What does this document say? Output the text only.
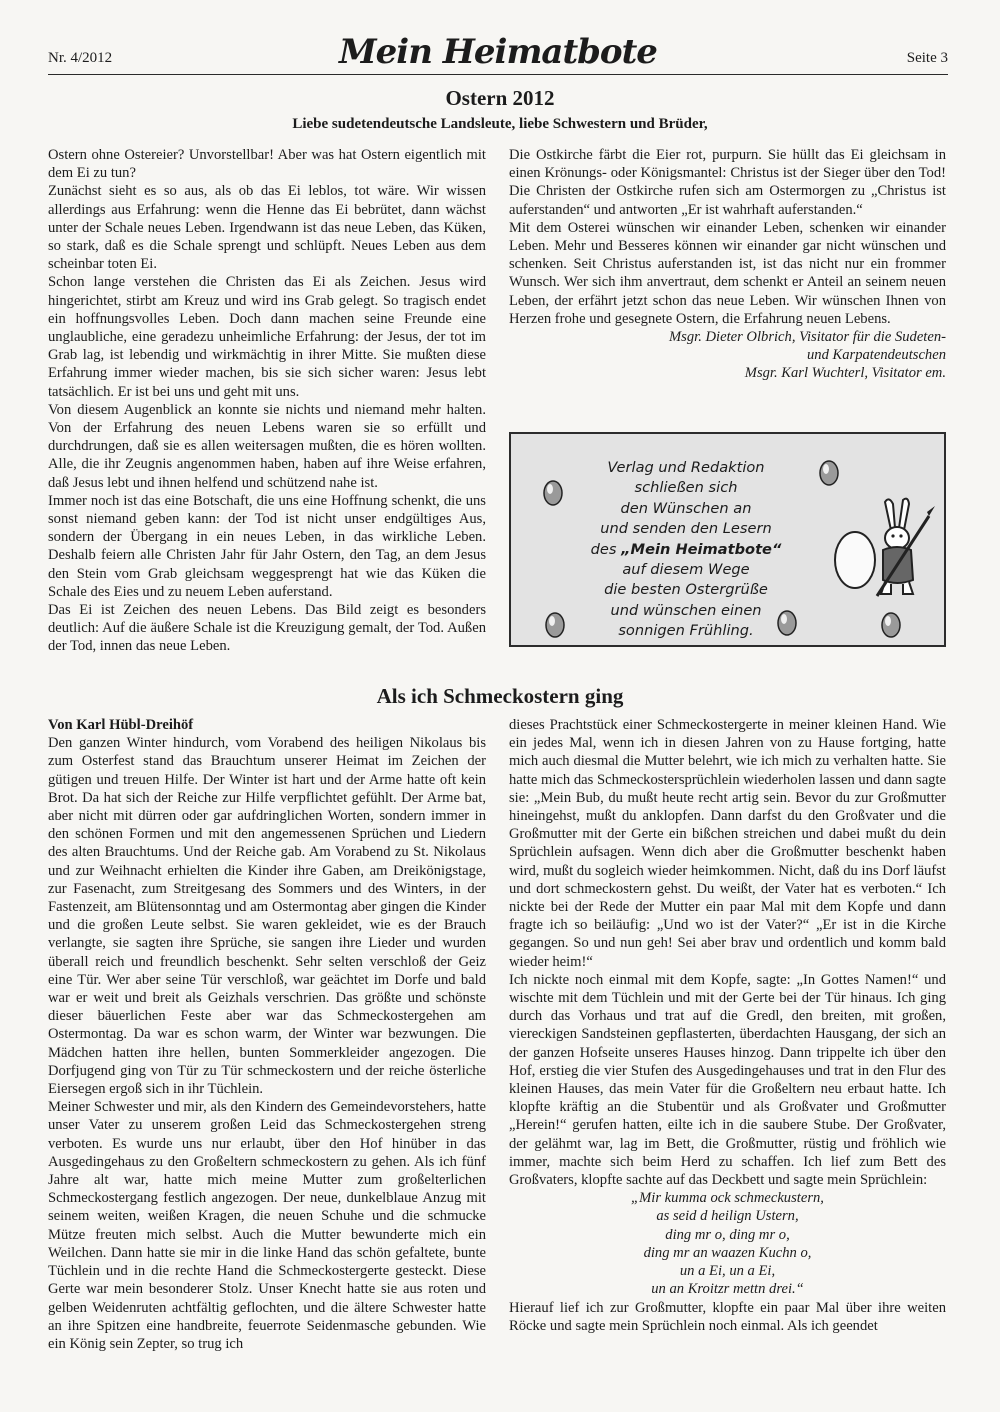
Nr. 4/2012	Mein Heimatbote	Seite 3
Ostern 2012
Liebe sudetendeutsche Landsleute, liebe Schwestern und Brüder,

Ostern ohne Ostereier? Unvorstellbar! Aber was hat Ostern eigentlich mit dem Ei zu tun?

Zunächst sieht es so aus, als ob das Ei leblos, tot wäre. Wir wissen allerdings aus Erfahrung: wenn die Henne das Ei bebrütet, dann wächst unter der Schale neues Leben. Irgendwann ist das neue Leben, das Küken, so stark, daß es die Schale sprengt und schlüpft. Neues Leben aus dem scheinbar toten Ei.

Schon lange verstehen die Christen das Ei als Zeichen. Jesus wird hingerichtet, stirbt am Kreuz und wird ins Grab gelegt. So tragisch endet ein hoffnungsvolles Leben. Doch dann machen seine Freunde eine unglaubliche, eine geradezu unheimliche Erfahrung: der Jesus, der tot im Grab lag, ist lebendig und wirkmächtig in ihrer Mitte. Sie mußten diese Erfahrung immer wieder machen, bis sie sich sicher waren: Jesus lebt tatsächlich. Er ist bei uns und geht mit uns.

Von diesem Augenblick an konnte sie nichts und niemand mehr halten. Von der Erfahrung des neuen Lebens waren sie so erfüllt und durchdrungen, daß sie es allen weitersagen mußten, die es hören wollten. Alle, die ihr Zeugnis angenommen haben, haben auf ihre Weise erfahren, daß Jesus lebt und ihnen helfend und schützend nahe ist.

Immer noch ist das eine Botschaft, die uns eine Hoffnung schenkt, die uns sonst niemand geben kann: der Tod ist nicht unser endgültiges Aus, sondern der Übergang in ein neues Leben, in das wirkliche Leben. Deshalb feiern alle Christen Jahr für Jahr Ostern, den Tag, an dem Jesus den Stein vom Grab gleichsam weggesprengt hat wie das Küken die Schale des Eies und zu neuem Leben auferstand.

Das Ei ist Zeichen des neuen Lebens. Das Bild zeigt es besonders deutlich: Auf die äußere Schale ist die Kreuzigung gemalt, der Tod. Außen der Tod, innen das neue Leben.

Die Ostkirche färbt die Eier rot, purpurn. Sie hüllt das Ei gleichsam in einen Krönungs- oder Königsmantel: Christus ist der Sieger über den Tod! Die Christen der Ostkirche rufen sich am Ostermorgen zu „Christus ist auferstanden“ und antworten „Er ist wahrhaft auferstanden.“

Mit dem Osterei wünschen wir einander Leben, schenken wir einander Leben. Mehr und Besseres können wir einander gar nicht wünschen und schenken. Seit Christus auferstanden ist, ist das nicht nur ein frommer Wunsch. Wer sich ihm anvertraut, dem schenkt er Anteil an seinem neuen Leben, der erfährt jetzt schon das neue Leben. Wir wünschen Ihnen von Herzen frohe und gesegnete Ostern, die Erfahrung neuen Lebens.

Msgr. Dieter Olbrich, Visitator für die Sudeten-

und Karpatendeutschen

Msgr. Karl Wuchterl, Visitator em.

Verlag und Redaktion
schließen sich
den Wünschen an
und senden den Lesern
des „Mein Heimatbote“
auf diesem Wege
die besten Ostergrüße
und wünschen einen
sonnigen Frühling.
Als ich Schmeckostern ging

Von Karl Hübl-Dreihöf

Den ganzen Winter hindurch, vom Vorabend des heiligen Nikolaus bis zum Osterfest stand das Brauchtum unserer Heimat im Zeichen der gütigen und treuen Hilfe. Der Winter ist hart und der Arme hatte oft kein Brot. Da hat sich der Reiche zur Hilfe verpflichtet gefühlt. Der Arme bat, aber nicht mit dürren oder gar aufdringlichen Worten, sondern immer in den schönen Formen und mit den angemessenen Sprüchen und Liedern des alten Brauchtums. Und der Reiche gab. Am Vorabend zu St. Nikolaus und zur Weihnacht erhielten die Kinder ihre Gaben, am Dreikönigstage, zur Fasenacht, zum Streitgesang des Sommers und des Winters, in der Fastenzeit, am Blütensonntag und am Ostermontag aber gingen die Kinder und die großen Leute selbst. Sie waren gekleidet, wie es der Brauch verlangte, sie sagten ihre Sprüche, sie sangen ihre Lieder und wurden überall reich und freundlich beschenkt. Sehr selten verschloß der Geiz eine Tür. Wer aber seine Tür verschloß, war geächtet im Dorfe und bald war er weit und breit als Geizhals verschrien. Das größte und schönste dieser bäuerlichen Feste aber war das Schmeckostergehen am Ostermontag. Da war es schon warm, der Winter war bezwungen. Die Mädchen hatten ihre hellen, bunten Sommerkleider angezogen. Die Dorfjugend ging von Tür zu Tür schmeckostern und der reiche österliche Eiersegen ergoß sich in ihr Tüchlein.

Meiner Schwester und mir, als den Kindern des Gemeindevorstehers, hatte unser Vater zu unserem großen Leid das Schmeckostergehen streng verboten. Es wurde uns nur erlaubt, über den Hof hinüber in das Ausgedingehaus zu den Großeltern schmeckostern zu gehen. Als ich fünf Jahre alt war, hatte mich meine Mutter zum großelterlichen Schmeckostergang festlich angezogen. Der neue, dunkelblaue Anzug mit seinem weiten, weißen Kragen, die neuen Schuhe und die schmucke Mütze freuten mich selbst. Auch die Mutter bewunderte mich ein Weilchen. Dann hatte sie mir in die linke Hand das schön gefaltete, bunte Tüchlein und in die rechte Hand die Schmeckostergerte gesteckt. Diese Gerte war mein besonderer Stolz. Unser Knecht hatte sie aus roten und gelben Weidenruten achtfältig geflochten, und die ältere Schwester hatte an ihre Spitzen eine handbreite, feuerrote Seidenmasche gebunden. Wie ein König sein Zepter, so trug ich

dieses Prachtstück einer Schmeckostergerte in meiner kleinen Hand. Wie ein jedes Mal, wenn ich in diesen Jahren von zu Hause fortging, hatte mich auch diesmal die Mutter belehrt, wie ich mich zu verhalten hatte. Sie hatte mich das Schmeckostersprüchlein wiederholen lassen und dann sagte sie: „Mein Bub, du mußt heute recht artig sein. Bevor du zur Großmutter hineingehst, mußt du anklopfen. Dann darfst du den Großvater und die Großmutter mit der Gerte ein bißchen streichen und dabei mußt du dein Sprüchlein aufsagen. Wenn dich aber die Großmutter beschenkt haben wird, mußt du sogleich wieder heimkommen. Nicht, daß du ins Dorf läufst und dort schmeckostern gehst. Du weißt, der Vater hat es verboten.“ Ich nickte bei der Rede der Mutter ein paar Mal mit dem Kopfe und dann fragte ich so beiläufig: „Und wo ist der Vater?“ „Er ist in die Kirche gegangen. So und nun geh! Sei aber brav und ordentlich und komm bald wieder heim!“

Ich nickte noch einmal mit dem Kopfe, sagte: „In Gottes Namen!“ und wischte mit dem Tüchlein und mit der Gerte bei der Tür hinaus. Ich ging durch das Vorhaus und trat auf die Gredl, den breiten, mit großen, viereckigen Sandsteinen gepflasterten, überdachten Hausgang, der sich an der ganzen Hofseite unseres Hauses hinzog. Dann trippelte ich über den Hof, erstieg die vier Stufen des Ausgedingehauses und trat in den Flur des kleinen Hauses, das mein Vater für die Großeltern neu erbaut hatte. Ich klopfte kräftig an die Stubentür und als Großvater und Großmutter „Herein!“ gerufen hatten, eilte ich in die saubere Stube. Der Großvater, der gelähmt war, lag im Bett, die Großmutter, rüstig und fröhlich wie immer, machte sich beim Herd zu schaffen. Ich lief zum Bett des Großvaters, klopfte sachte auf das Deckbett und sagte mein Sprüchlein:

„Mir kumma ock schmeckustern,

as seid d heilign Ustern,

ding mr o, ding mr o,

ding mr an waazen Kuchn o,

un a Ei, un a Ei,

un an Kroitzr mettn drei.“

Hierauf lief ich zur Großmutter, klopfte ein paar Mal über ihre weiten Röcke und sagte mein Sprüchlein noch einmal. Als ich geendet
